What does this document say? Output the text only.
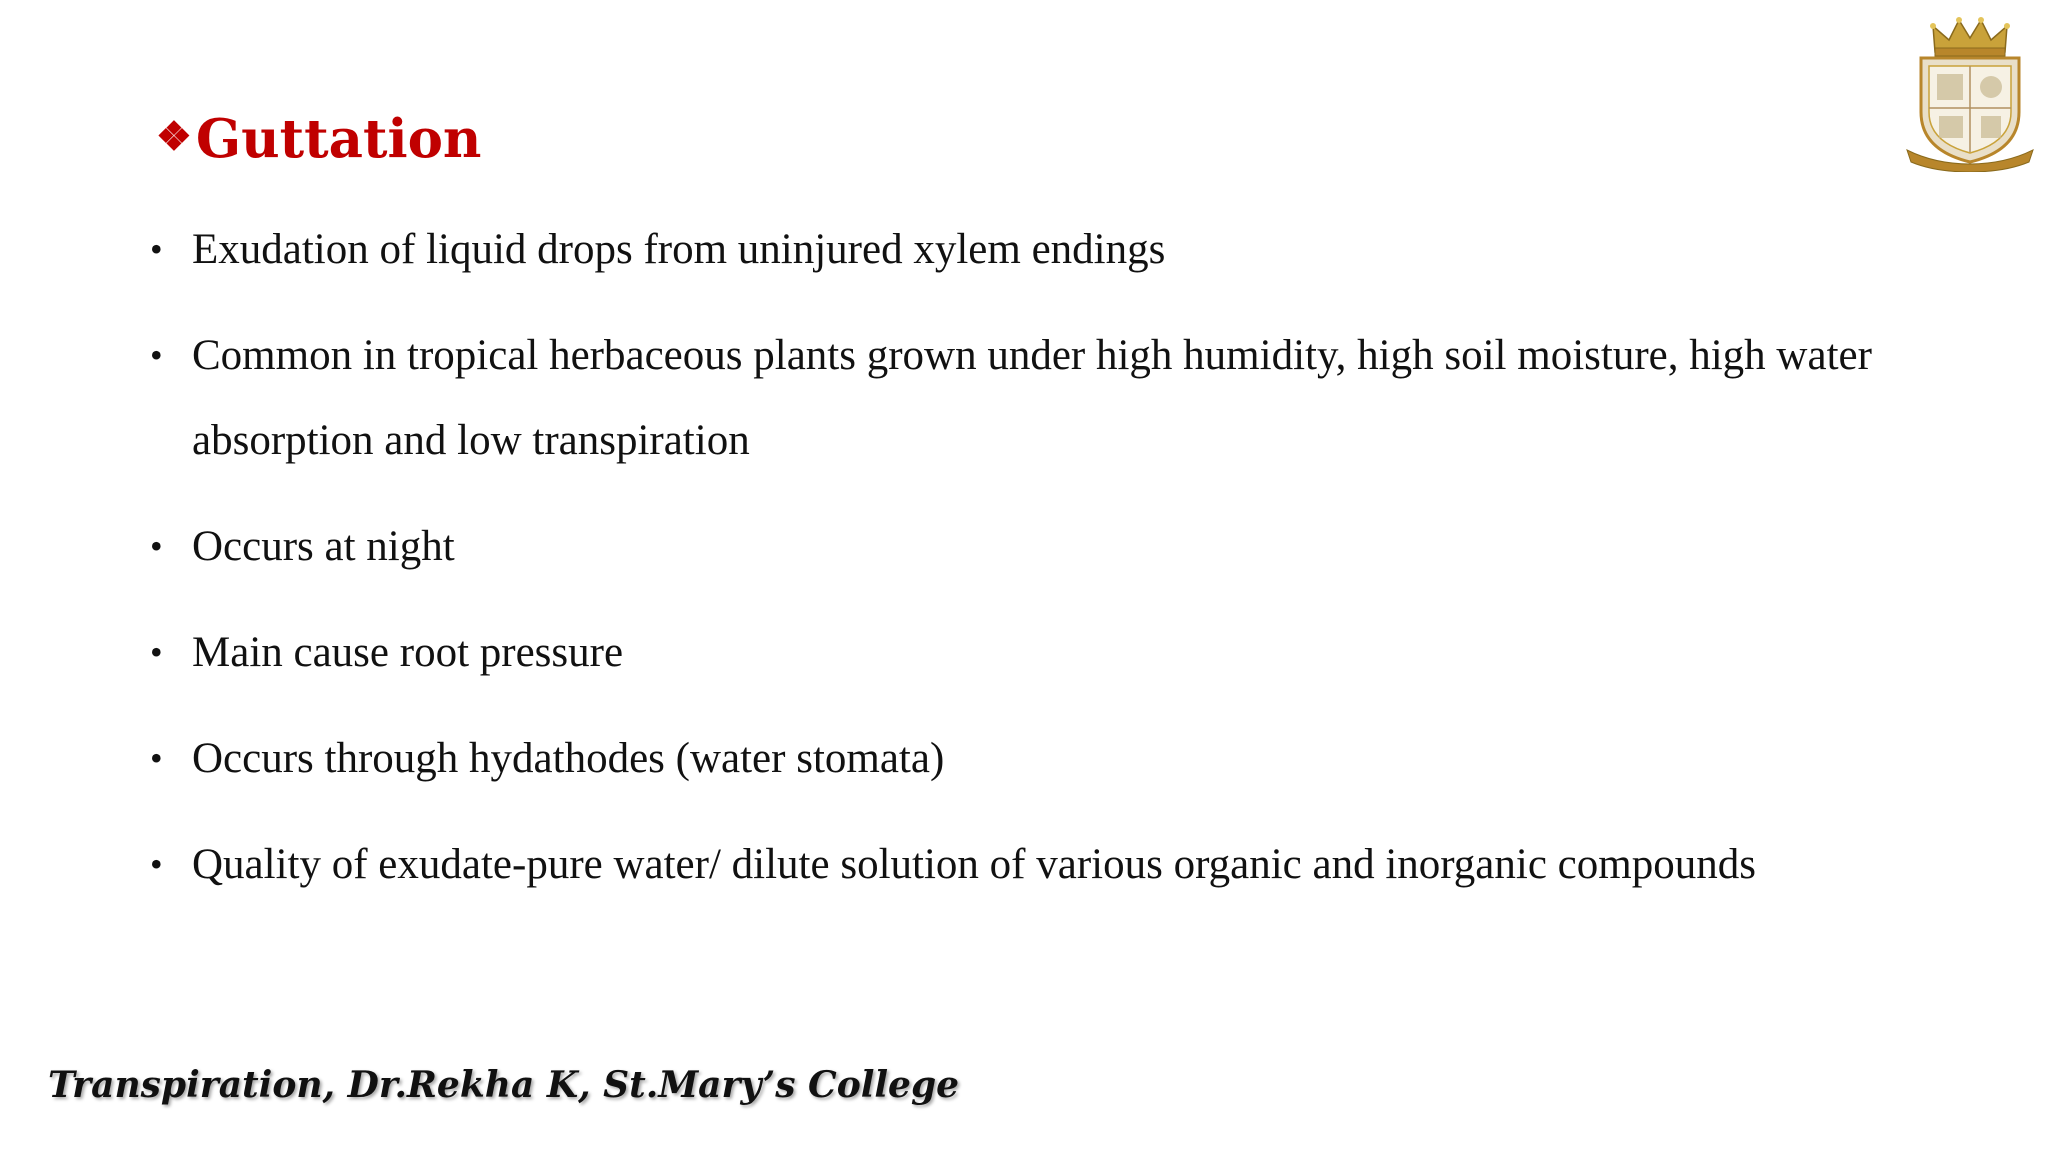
❖ Guttation
• Exudation of liquid drops from uninjured xylem endings
• Common in tropical herbaceous plants grown under high humidity, high soil moisture, high water absorption and low transpiration
• Occurs at night
• Main cause root pressure
• Occurs through hydathodes (water stomata)
• Quality of exudate-pure water/ dilute solution of various organic and inorganic compounds
Transpiration, Dr.Rekha K, St.Mary’s College
